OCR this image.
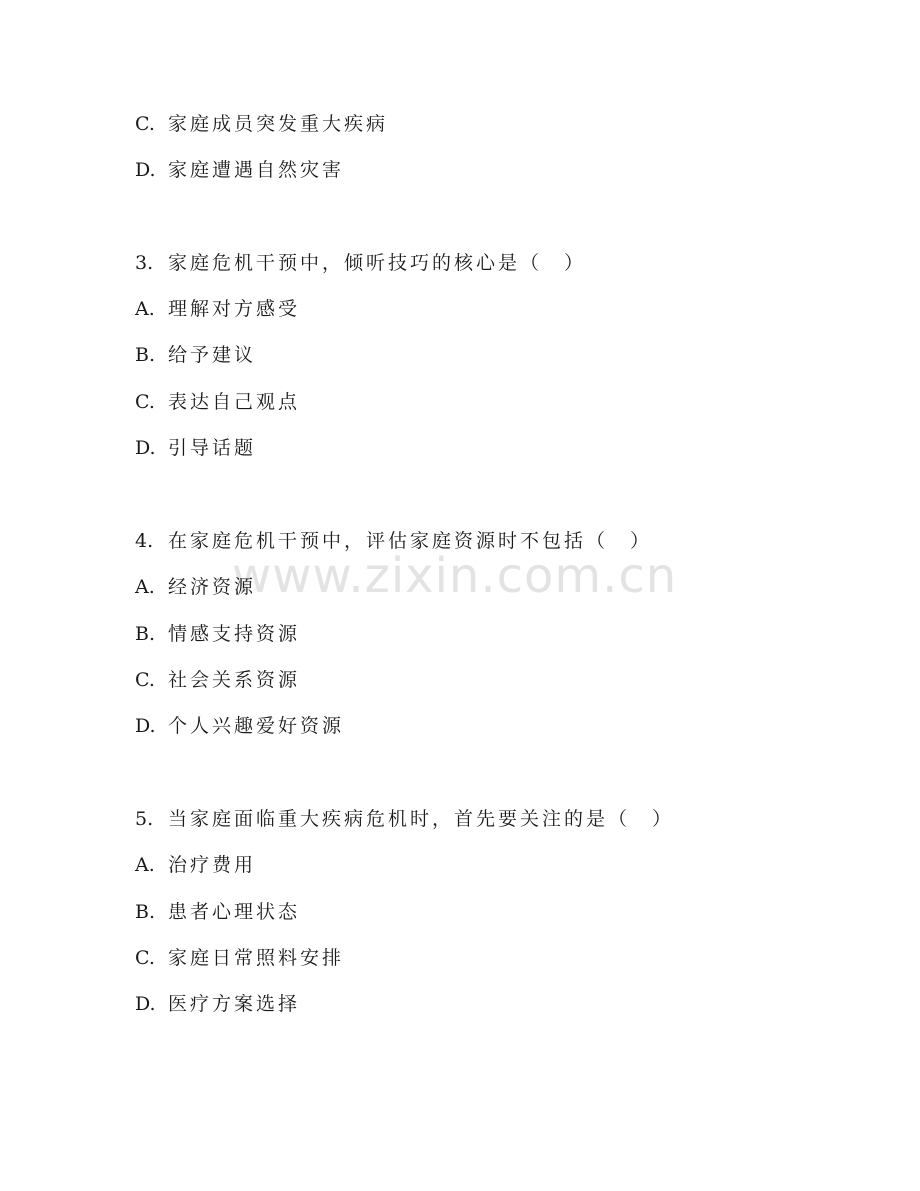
www.zixin.com.cn
C. 家庭成员突发重大疾病
D. 家庭遭遇自然灾害
3. 家庭危机干预中，倾听技巧的核心是（　）
A. 理解对方感受
B. 给予建议
C. 表达自己观点
D. 引导话题
4. 在家庭危机干预中，评估家庭资源时不包括（　）
A. 经济资源
B. 情感支持资源
C. 社会关系资源
D. 个人兴趣爱好资源
5. 当家庭面临重大疾病危机时，首先要关注的是（　）
A. 治疗费用
B. 患者心理状态
C. 家庭日常照料安排
D. 医疗方案选择
